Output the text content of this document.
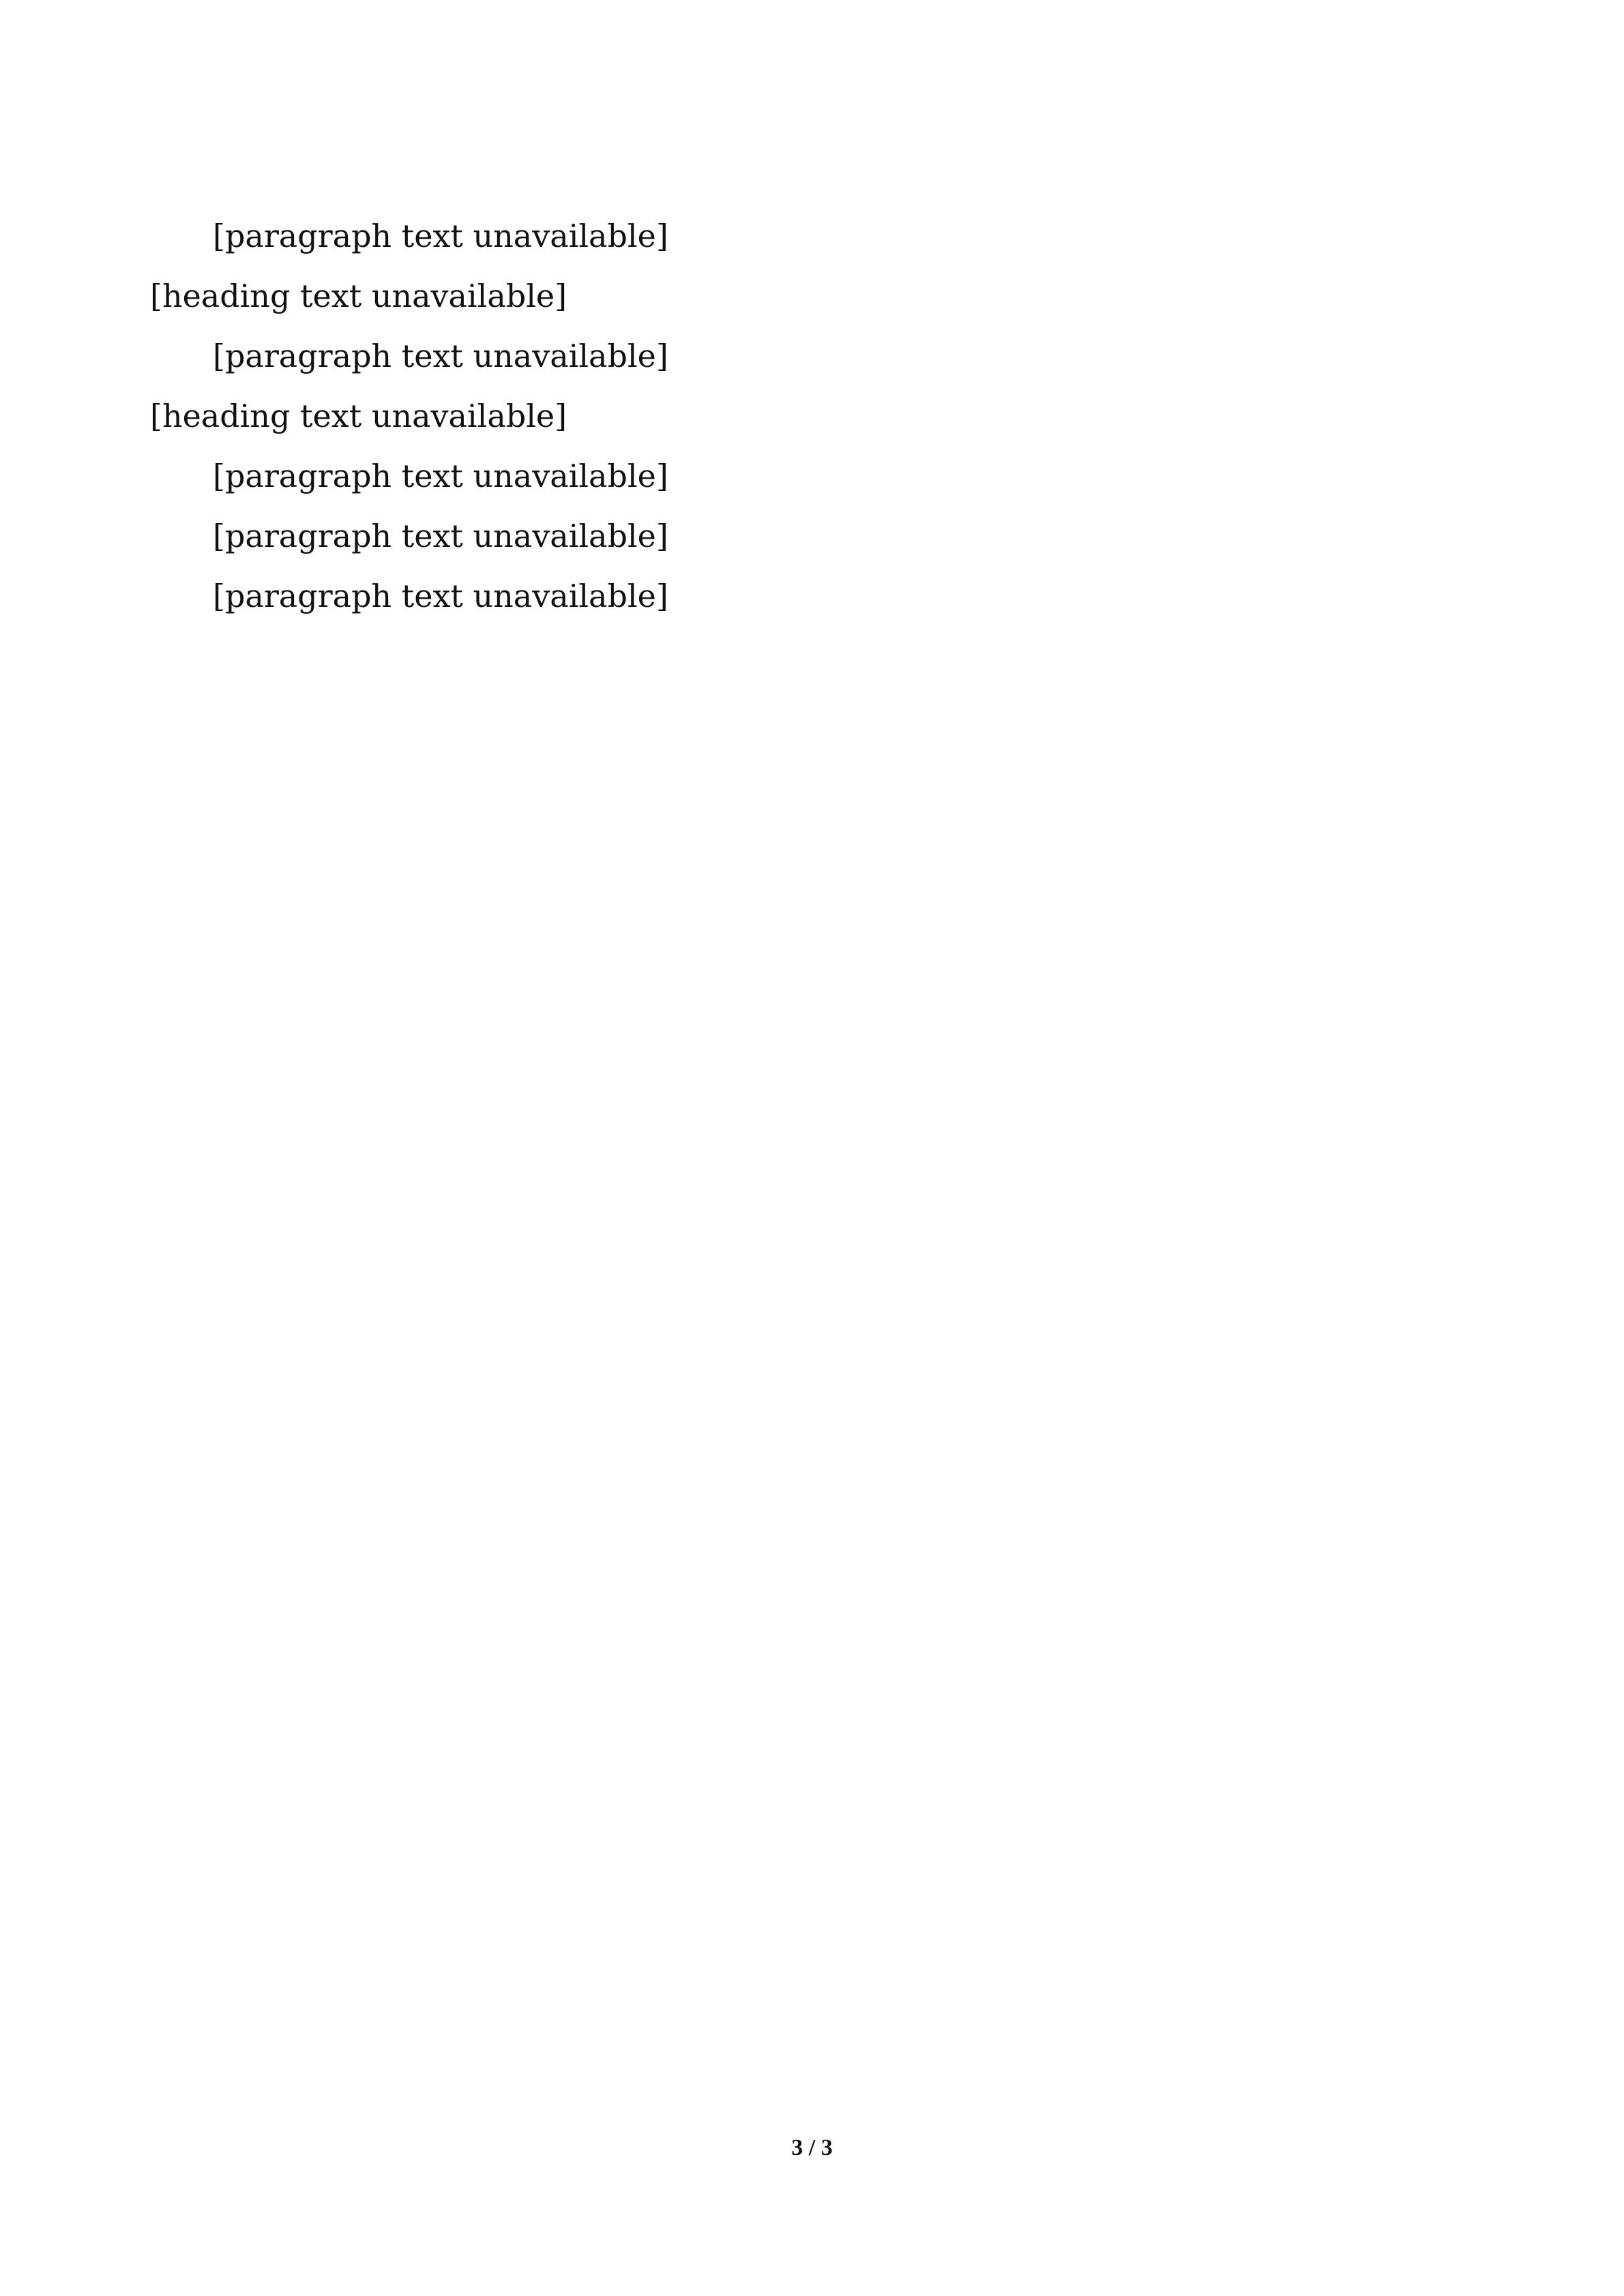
[paragraph text unavailable]

[heading text unavailable]

[paragraph text unavailable]

[heading text unavailable]

[paragraph text unavailable]

[paragraph text unavailable]

[paragraph text unavailable]

3 / 3
